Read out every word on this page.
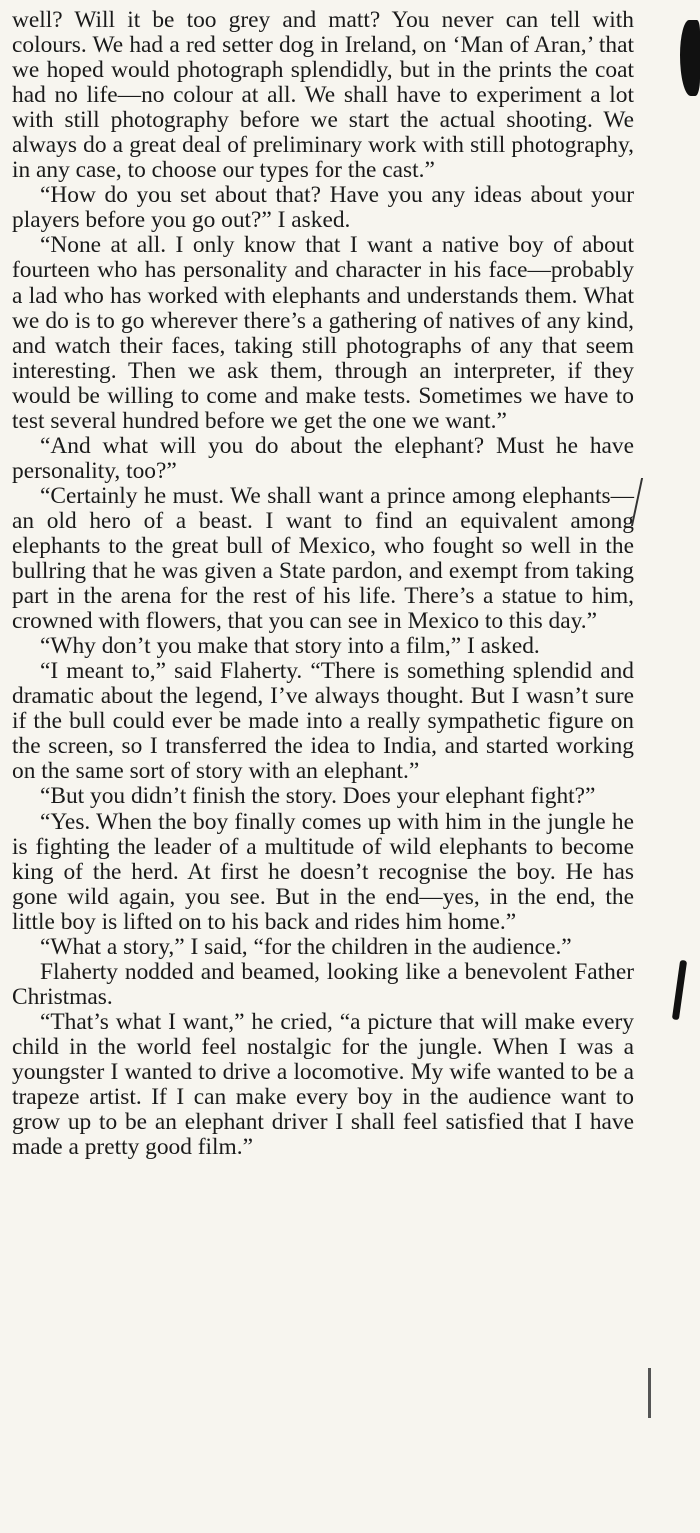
well? Will it be too grey and matt? You never can tell with colours. We had a red setter dog in Ireland, on ‘Man of Aran,’ that we hoped would photograph splendidly, but in the prints the coat had no life—no colour at all. We shall have to experiment a lot with still photography before we start the actual shooting. We always do a great deal of preliminary work with still photography, in any case, to choose our types for the cast.”

“How do you set about that? Have you any ideas about your players before you go out?” I asked.

“None at all. I only know that I want a native boy of about fourteen who has personality and character in his face—probably a lad who has worked with elephants and understands them. What we do is to go wherever there’s a gathering of natives of any kind, and watch their faces, taking still photographs of any that seem interesting. Then we ask them, through an interpreter, if they would be willing to come and make tests. Sometimes we have to test several hundred before we get the one we want.”

“And what will you do about the elephant? Must he have personality, too?”

“Certainly he must. We shall want a prince among elephants—an old hero of a beast. I want to find an equivalent among elephants to the great bull of Mexico, who fought so well in the bullring that he was given a State pardon, and exempt from taking part in the arena for the rest of his life. There’s a statue to him, crowned with flowers, that you can see in Mexico to this day.”

“Why don’t you make that story into a film,” I asked.

“I meant to,” said Flaherty. “There is something splendid and dramatic about the legend, I’ve always thought. But I wasn’t sure if the bull could ever be made into a really sympathetic figure on the screen, so I transferred the idea to India, and started working on the same sort of story with an elephant.”

“But you didn’t finish the story. Does your elephant fight?”

“Yes. When the boy finally comes up with him in the jungle he is fighting the leader of a multitude of wild elephants to become king of the herd. At first he doesn’t recognise the boy. He has gone wild again, you see. But in the end—yes, in the end, the little boy is lifted on to his back and rides him home.”

“What a story,” I said, “for the children in the audience.”

Flaherty nodded and beamed, looking like a benevolent Father Christmas.

“That’s what I want,” he cried, “a picture that will make every child in the world feel nostalgic for the jungle. When I was a youngster I wanted to drive a locomotive. My wife wanted to be a trapeze artist. If I can make every boy in the audience want to grow up to be an elephant driver I shall feel satisfied that I have made a pretty good film.”
